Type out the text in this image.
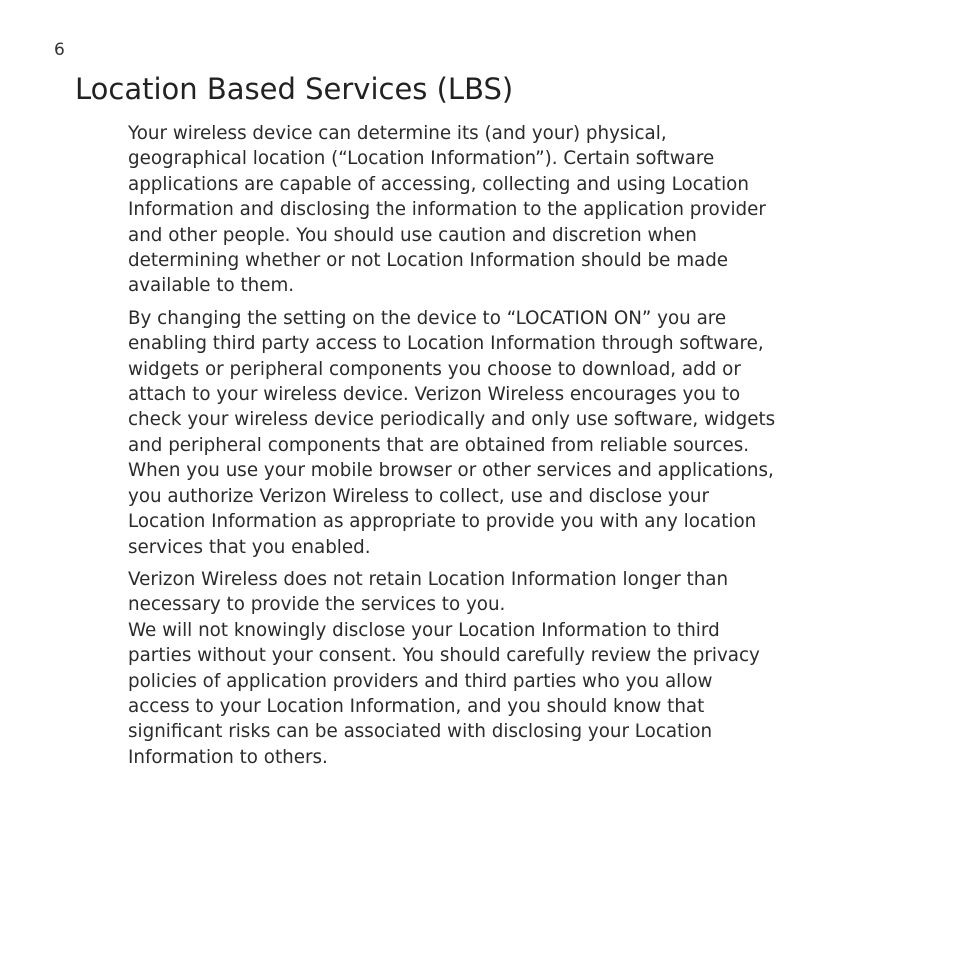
6
Location Based Services (LBS)

Your wireless device can determine its (and your) physical,
geographical location (“Location Information”). Certain software
applications are capable of accessing, collecting and using Location
Information and disclosing the information to the application provider
and other people. You should use caution and discretion when
determining whether or not Location Information should be made
available to them.

By changing the setting on the device to “LOCATION ON” you are
enabling third party access to Location Information through software,
widgets or peripheral components you choose to download, add or
attach to your wireless device. Verizon Wireless encourages you to
check your wireless device periodically and only use software, widgets
and peripheral components that are obtained from reliable sources.
When you use your mobile browser or other services and applications,
you authorize Verizon Wireless to collect, use and disclose your
Location Information as appropriate to provide you with any location
services that you enabled.

Verizon Wireless does not retain Location Information longer than
necessary to provide the services to you.
We will not knowingly disclose your Location Information to third
parties without your consent. You should carefully review the privacy
policies of application providers and third parties who you allow
access to your Location Information, and you should know that
significant risks can be associated with disclosing your Location
Information to others.
